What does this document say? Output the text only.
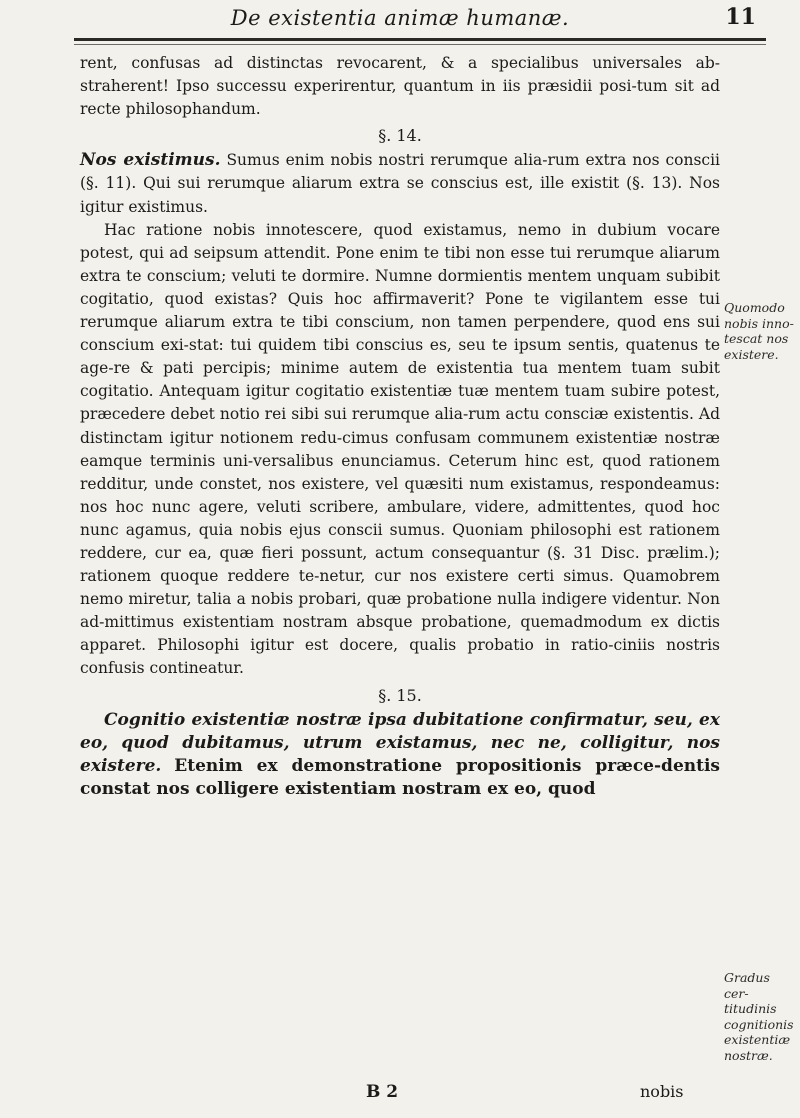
De existentia animæ humanæ.	11

rent, confusas ad distinctas revocarent, & a specialibus universales ab-straherent! Ipso successu experirentur, quantum in iis præsidii posi-tum sit ad recte philosophandum.

§. 14.

Nos existimus. Sumus enim nobis nostri rerumque alia-rum extra nos conscii (§. 11). Qui sui rerumque aliarum extra se conscius est, ille existit (§. 13). Nos igitur existimus.

Hac ratione nobis innotescere, quod existamus, nemo in dubium vocare potest, qui ad seipsum attendit. Pone enim te tibi non esse tui rerumque aliarum extra te conscium; veluti te dormire. Numne dormientis mentem unquam subibit cogitatio, quod existas? Quis hoc affirmaverit? Pone te vigilantem esse tui rerumque aliarum extra te tibi conscium, non tamen perpendere, quod ens sui conscium exi-stat: tui quidem tibi conscius es, seu te ipsum sentis, quatenus te age-re & pati percipis; minime autem de existentia tua mentem tuam subit cogitatio. Antequam igitur cogitatio existentiæ tuæ mentem tuam subire potest, præcedere debet notio rei sibi sui rerumque alia-rum actu consciæ existentis. Ad distinctam igitur notionem redu-cimus confusam communem existentiæ nostræ eamque terminis uni-versalibus enunciamus. Ceterum hinc est, quod rationem redditur, unde constet, nos existere, vel quæsiti num existamus, respondeamus: nos hoc nunc agere, veluti scribere, ambulare, videre, admittentes, quod hoc nunc agamus, quia nobis ejus conscii sumus. Quoniam philosophi est rationem reddere, cur ea, quæ fieri possunt, actum consequantur (§. 31 Disc. prælim.); rationem quoque reddere te-netur, cur nos existere certi simus. Quamobrem nemo miretur, talia a nobis probari, quæ probatione nulla indigere videntur. Non ad-mittimus existentiam nostram absque probatione, quemadmodum ex dictis apparet. Philosophi igitur est docere, qualis probatio in ratio-ciniis nostris confusis contineatur.

§. 15.

Cognitio existentiæ nostræ ipsa dubitatione confirmatur, seu, ex eo, quod dubitamus, utrum existamus, nec ne, colligitur, nos existere. Etenim ex demonstratione propositionis præce-dentis constat nos colligere existentiam nostram ex eo, quod

Quomodo nobis inno-tescat nos existere.
Gradus cer-titudinis cognitionis existentiæ nostræ.
B 2	nobis
